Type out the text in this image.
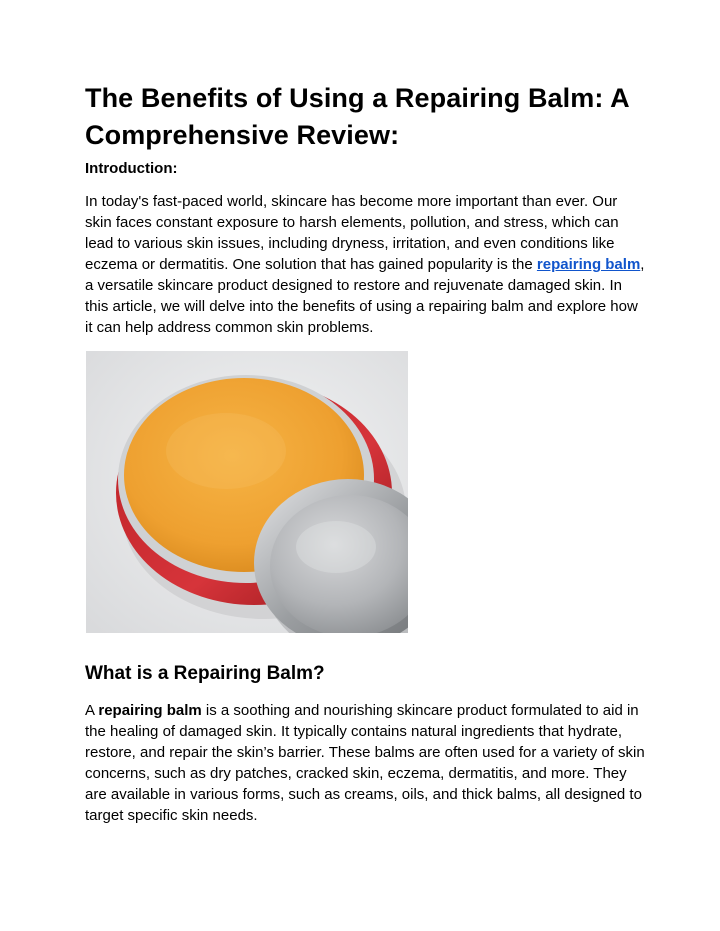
The Benefits of Using a Repairing Balm: A Comprehensive Review:

Introduction:

In today's fast-paced world, skincare has become more important than ever. Our skin faces constant exposure to harsh elements, pollution, and stress, which can lead to various skin issues, including dryness, irritation, and even conditions like eczema or dermatitis. One solution that has gained popularity is the repairing balm, a versatile skincare product designed to restore and rejuvenate damaged skin. In this article, we will delve into the benefits of using a repairing balm and explore how it can help address common skin problems.

What is a Repairing Balm?

A repairing balm is a soothing and nourishing skincare product formulated to aid in the healing of damaged skin. It typically contains natural ingredients that hydrate, restore, and repair the skin’s barrier. These balms are often used for a variety of skin concerns, such as dry patches, cracked skin, eczema, dermatitis, and more. They are available in various forms, such as creams, oils, and thick balms, all designed to target specific skin needs.
